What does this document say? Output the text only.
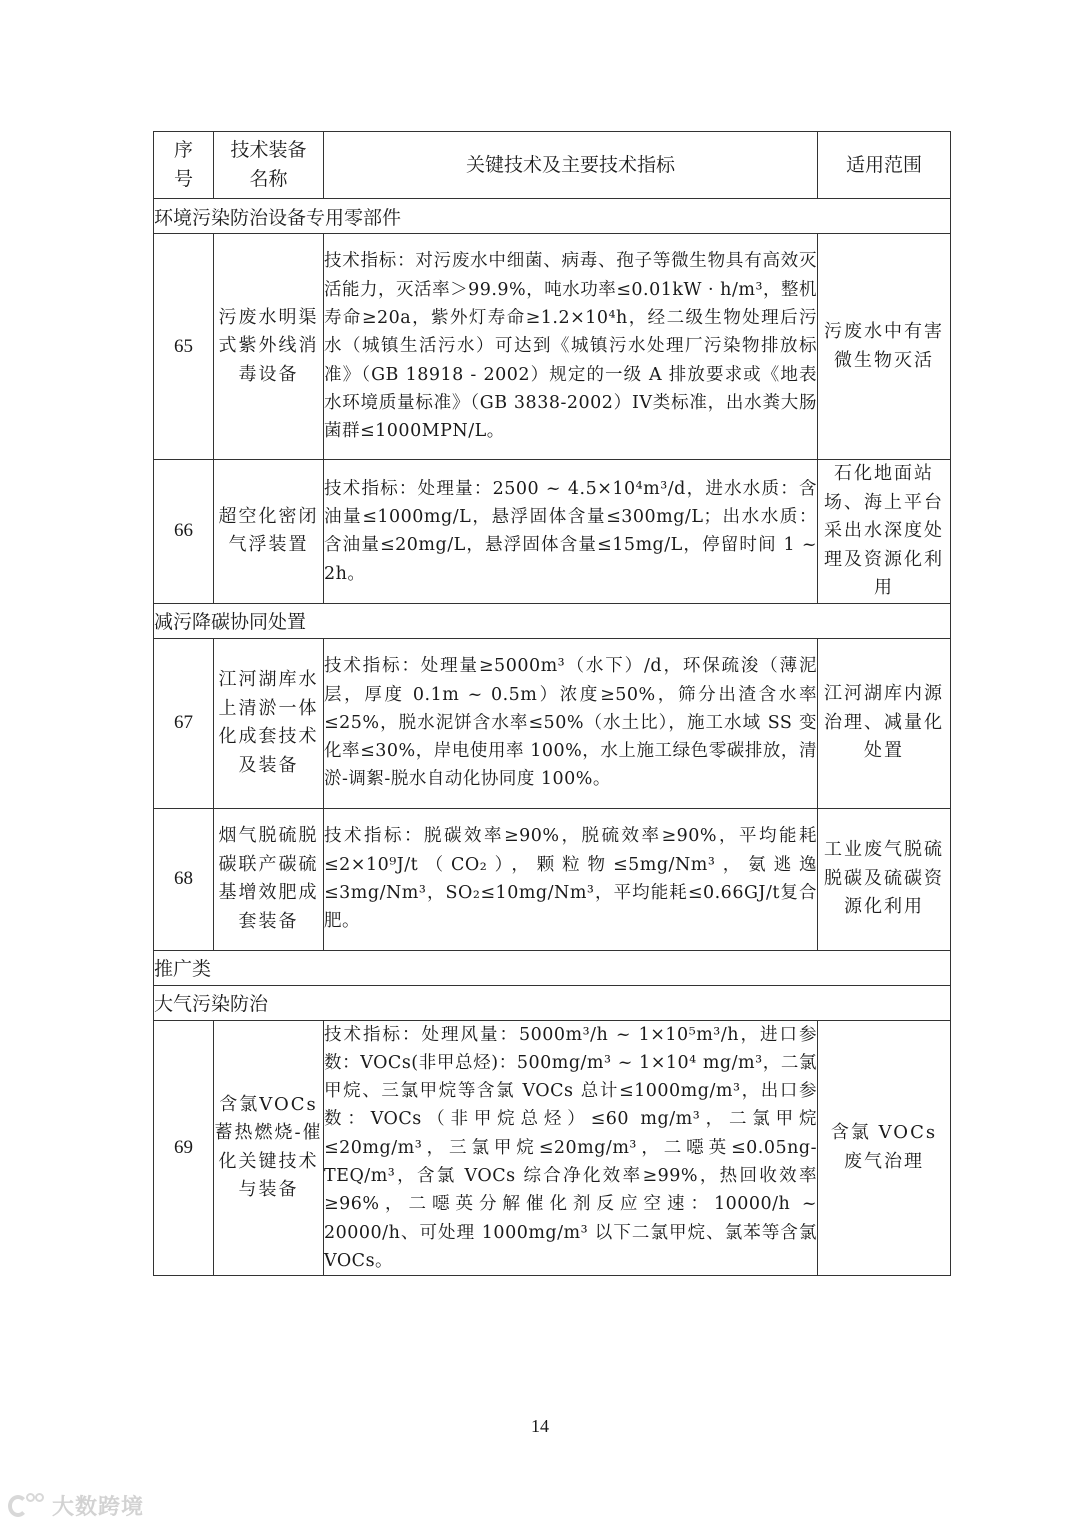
序号	技术装备名称	关键技术及主要技术指标	适用范围
环境污染防治设备专用零部件			
65	污废水明渠式紫外线消毒设备	技术指标：对污废水中细菌、病毒、孢子等微生物具有高效灭活能力，灭活率＞99.9%，吨水功率≤0.01kW · h/m³，整机寿命≥20a，紫外灯寿命≥1.2×10⁴h，经二级生物处理后污水（城镇生活污水）可达到《城镇污水处理厂污染物排放标准》（GB 18918 - 2002）规定的一级 A 排放要求或《地表水环境质量标准》（GB 3838-2002）IV类标准，出水粪大肠菌群≤1000MPN/L。	污废水中有害微生物灭活
66	超空化密闭气浮装置	技术指标：处理量：2500 ~ 4.5×10⁴m³/d，进水水质：含油量≤1000mg/L，悬浮固体含量≤300mg/L；出水水质：含油量≤20mg/L，悬浮固体含量≤15mg/L，停留时间 1 ~ 2h。	石化地面站场、海上平台采出水深度处理及资源化利用
减污降碳协同处置			
67	江河湖库水上清淤一体化成套技术及装备	技术指标：处理量≥5000m³（水下）/d，环保疏浚（薄泥层，厚度 0.1m ~ 0.5m）浓度≥50%，筛分出渣含水率≤25%，脱水泥饼含水率≤50%（水土比），施工水域 SS 变化率≤30%，岸电使用率 100%，水上施工绿色零碳排放，清淤-调絮-脱水自动化协同度 100%。	江河湖库内源治理、减量化处置
68	烟气脱硫脱碳联产碳硫基增效肥成套装备	技术指标：脱碳效率≥90%，脱硫效率≥90%，平均能耗≤2×10⁹J/t（CO₂），颗粒物≤5mg/Nm³，氨逃逸≤3mg/Nm³，SO₂≤10mg/Nm³，平均能耗≤0.66GJ/t复合肥。	工业废气脱硫脱碳及硫碳资源化利用
推广类			
大气污染防治			
69	含氯VOCs蓄热燃烧-催化关键技术与装备	技术指标：处理风量：5000m³/h ~ 1×10⁵m³/h，进口参数：VOCs(非甲总烃)：500mg/m³ ~ 1×10⁴ mg/m³，二氯甲烷、三氯甲烷等含氯 VOCs 总计≤1000mg/m³，出口参数：VOCs（非甲烷总烃）≤60 mg/m³，二氯甲烷≤20mg/m³，三氯甲烷≤20mg/m³，二噁英≤0.05ng-TEQ/m³，含氯 VOCs 综合净化效率≥99%，热回收效率≥96%，二噁英分解催化剂反应空速：10000/h ~ 20000/h、可处理 1000mg/m³ 以下二氯甲烷、氯苯等含氯 VOCs。	含氯 VOCs 废气治理
14
大数跨境
